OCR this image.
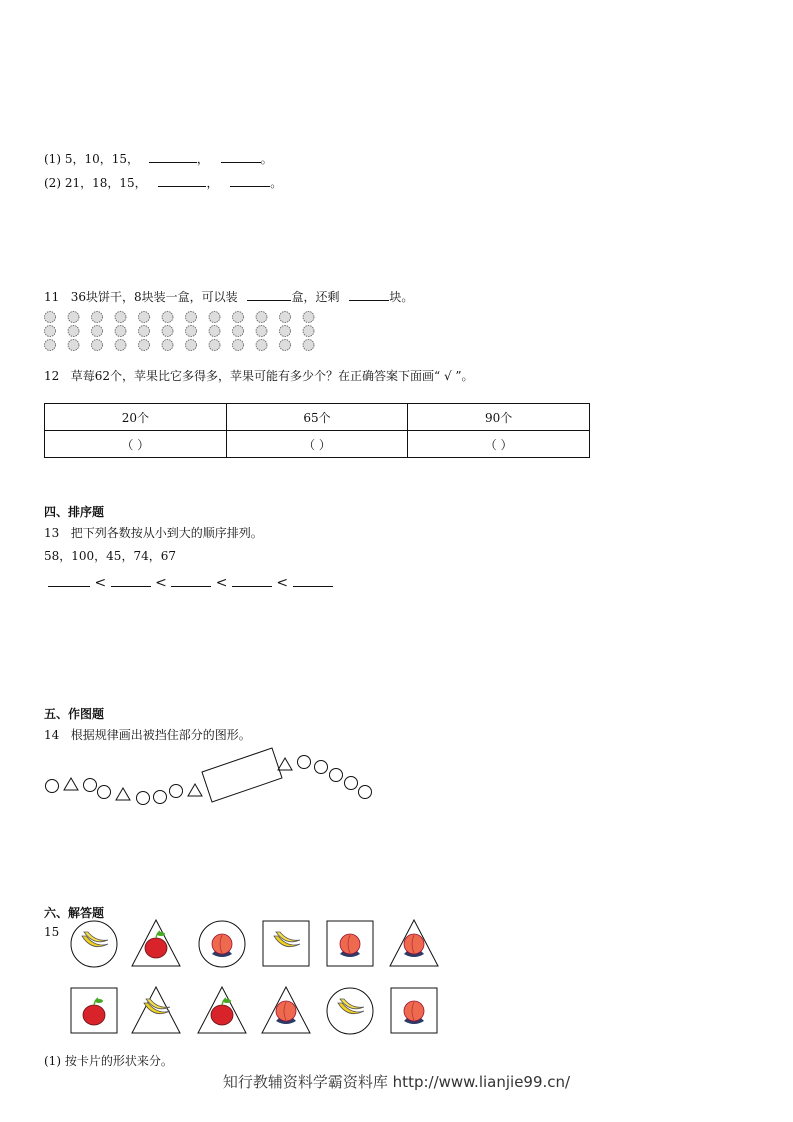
(1) 5，10，15，	，	。
(2) 21，18，15，	，	。
11 36块饼干，8块装一盒，可以装	盒，还剩	块。
12 草莓62个，苹果比它多得多，苹果可能有多少个？在正确答案下面画“ √ ”。
20个	65个	90个
（ ）	（ ）	（ ）
四、排序题
13 把下列各数按从小到大的顺序排列。
58，100，45，74，67
<	<	<	<
五、作图题
14 根据规律画出被挡住部分的图形。
六、解答题
15
(1) 按卡片的形状来分。
知行教辅资料学霸资料库 http://www.lianjie99.cn/
